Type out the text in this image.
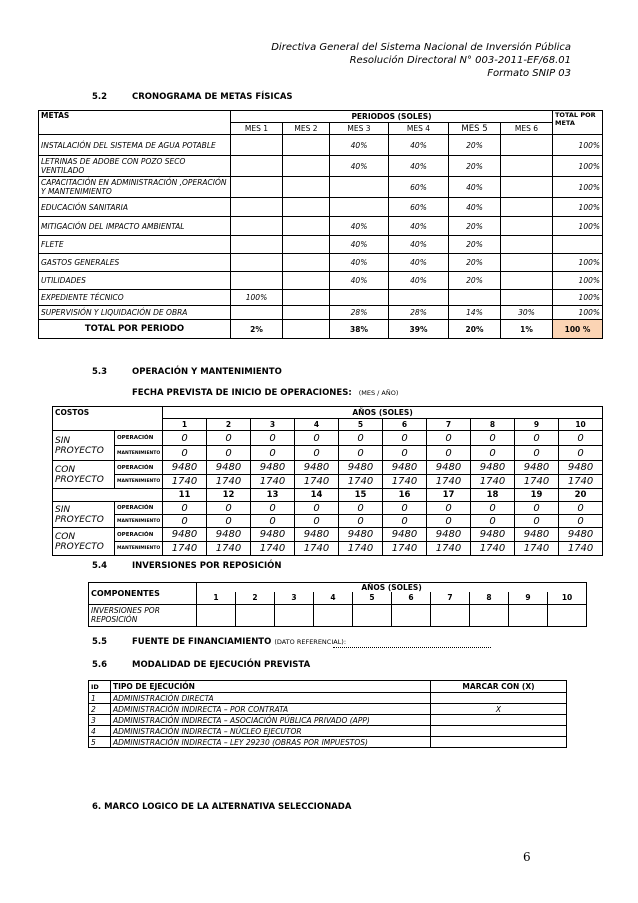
Directiva General del Sistema Nacional de Inversión Pública
Resolución Directoral N° 003-2011-EF/68.01
Formato SNIP 03
5.2	CRONOGRAMA DE METAS FÍSICAS
METAS	PERIODOS (SOLES)						TOTAL POR META
	MES 1	MES 2	MES 3	MES 4	MES 5	MES 6	
INSTALACIÓN DEL SISTEMA DE AGUA POTABLE			40%	40%	20%		100%
LETRINAS DE ADOBE CON POZO SECO VENTILADO			40%	40%	20%		100%
CAPACITACIÓN EN ADMINISTRACIÓN ,OPERACIÓN Y MANTENIMIENTO				60%	40%		100%
EDUCACIÓN SANITARIA				60%	40%		100%
MITIGACIÓN DEL IMPACTO AMBIENTAL			40%	40%	20%		100%
FLETE			40%	40%	20%		
GASTOS GENERALES			40%	40%	20%		100%
UTILIDADES			40%	40%	20%		100%
EXPEDIENTE TÉCNICO	100%						100%
SUPERVISIÓN Y LIQUIDACIÓN DE OBRA			28%	28%	14%	30%	100%
TOTAL POR PERIODO	2%		38%	39%	20%	1%	100 %
5.3	OPERACIÓN Y MANTENIMIENTO
FECHA PREVISTA DE INICIO DE OPERACIONES: (MES / AÑO)
COSTOS		AÑOS (SOLES)									
		1	2	3	4	5	6	7	8	9	10
SIN PROYECTO	OPERACIÓN	0	0	0	0	0	0	0	0	0	0
	MANTENIMIENTO	0	0	0	0	0	0	0	0	0	0
CON PROYECTO	OPERACIÓN	9480	9480	9480	9480	9480	9480	9480	9480	9480	9480
	MANTENIMIENTO	1740	1740	1740	1740	1740	1740	1740	1740	1740	1740
		11	12	13	14	15	16	17	18	19	20
SIN PROYECTO	OPERACIÓN	0	0	0	0	0	0	0	0	0	0
	MANTENIMIENTO	0	0	0	0	0	0	0	0	0	0
CON PROYECTO	OPERACIÓN	9480	9480	9480	9480	9480	9480	9480	9480	9480	9480
	MANTENIMIENTO	1740	1740	1740	1740	1740	1740	1740	1740	1740	1740
5.4	INVERSIONES POR REPOSICIÓN
COMPONENTES	AÑOS (SOLES)									
	1	2	3	4	5	6	7	8	9	10
INVERSIONES POR REPOSICIÓN										
5.5	FUENTE DE FINANCIAMIENTO (DATO REFERENCIAL):
5.6	MODALIDAD DE EJECUCIÓN PREVISTA
ID	TIPO DE EJECUCIÓN	MARCAR CON (X)
1	ADMINISTRACIÓN DIRECTA	
2	ADMINISTRACIÓN INDIRECTA – POR CONTRATA	X
3	ADMINISTRACIÓN INDIRECTA – ASOCIACIÓN PÚBLICA PRIVADO (APP)	
4	ADMINISTRACIÓN INDIRECTA – NÚCLEO EJECUTOR	
5	ADMINISTRACIÓN INDIRECTA – LEY 29230 (OBRAS POR IMPUESTOS)	
6. MARCO LOGICO DE LA ALTERNATIVA SELECCIONADA
6
